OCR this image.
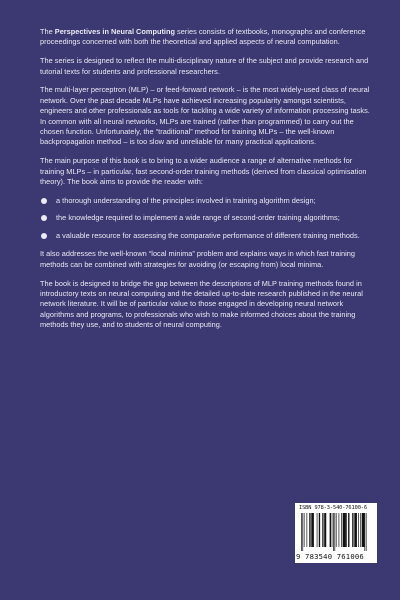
The Perspectives in Neural Computing series consists of textbooks, monographs and conference proceedings concerned with both the theoretical and applied aspects of neural computation.

The series is designed to reflect the multi-disciplinary nature of the subject and provide research and tutorial texts for students and professional researchers.

The multi-layer perceptron (MLP) – or feed-forward network – is the most widely-used class of neural network. Over the past decade MLPs have achieved increasing popularity amongst scientists, engineers and other professionals as tools for tackling a wide variety of information processing tasks. In common with all neural networks, MLPs are trained (rather than programmed) to carry out the chosen function. Unfortunately, the “traditional” method for training MLPs – the well-known backpropagation method – is too slow and unreliable for many practical applications.

The main purpose of this book is to bring to a wider audience a range of alternative methods for training MLPs – in particular, fast second-order training methods (derived from classical optimisation theory). The book aims to provide the reader with:

a thorough understanding of the principles involved in training algorithm design;
the knowledge required to implement a wide range of second-order training algorithms;
a valuable resource for assessing the comparative performance of different training methods.

It also addresses the well-known “local minima” problem and explains ways in which fast training methods can be combined with strategies for avoiding (or escaping from) local minima.

The book is designed to bridge the gap between the descriptions of MLP training methods found in introductory texts on neural computing and the detailed up-to-date research published in the neural network literature. It will be of particular value to those engaged in developing neural network algorithms and programs, to professionals who wish to make informed choices about the training methods they use, and to students of neural computing.

ISBN 978-3-540-76100-6
9 783540 761006
